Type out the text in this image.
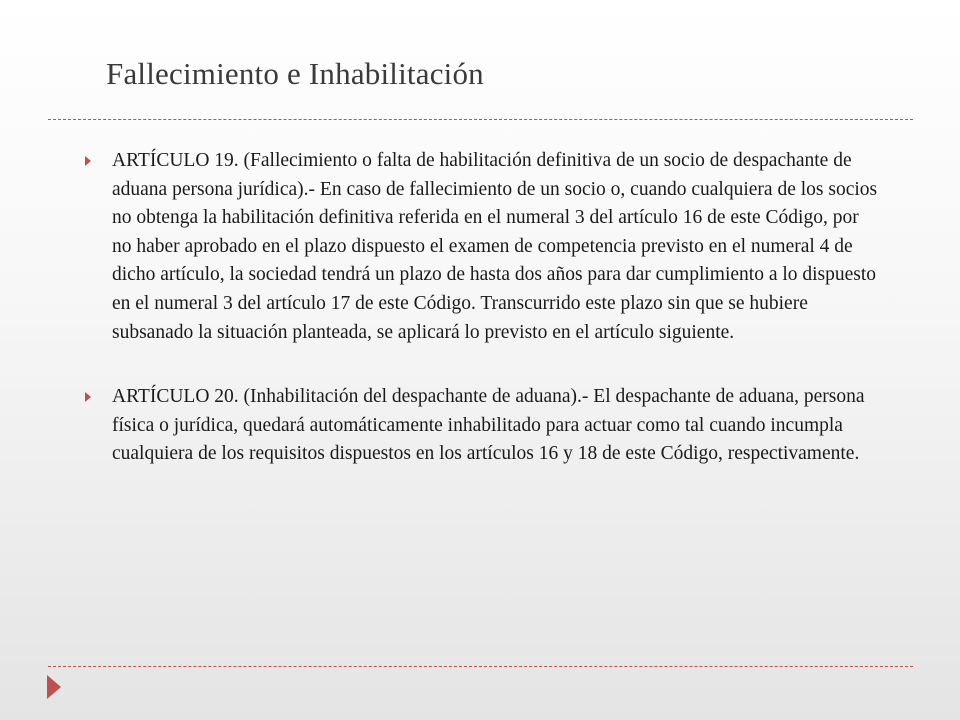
Fallecimiento e Inhabilitación
ARTÍCULO 19. (Fallecimiento o falta de habilitación definitiva de un socio de despachante de aduana persona jurídica).- En caso de fallecimiento de un socio o, cuando cualquiera de los socios no obtenga la habilitación definitiva referida en el numeral 3 del artículo 16 de este Código, por no haber aprobado en el plazo dispuesto el examen de competencia previsto en el numeral 4 de dicho artículo, la sociedad tendrá un plazo de hasta dos años para dar cumplimiento a lo dispuesto en el numeral 3 del artículo 17 de este Código. Transcurrido este plazo sin que se hubiere subsanado la situación planteada, se aplicará lo previsto en el artículo siguiente.
ARTÍCULO 20. (Inhabilitación del despachante de aduana).- El despachante de aduana, persona física o jurídica, quedará automáticamente inhabilitado para actuar como tal cuando incumpla cualquiera de los requisitos dispuestos en los artículos 16 y 18 de este Código, respectivamente.
